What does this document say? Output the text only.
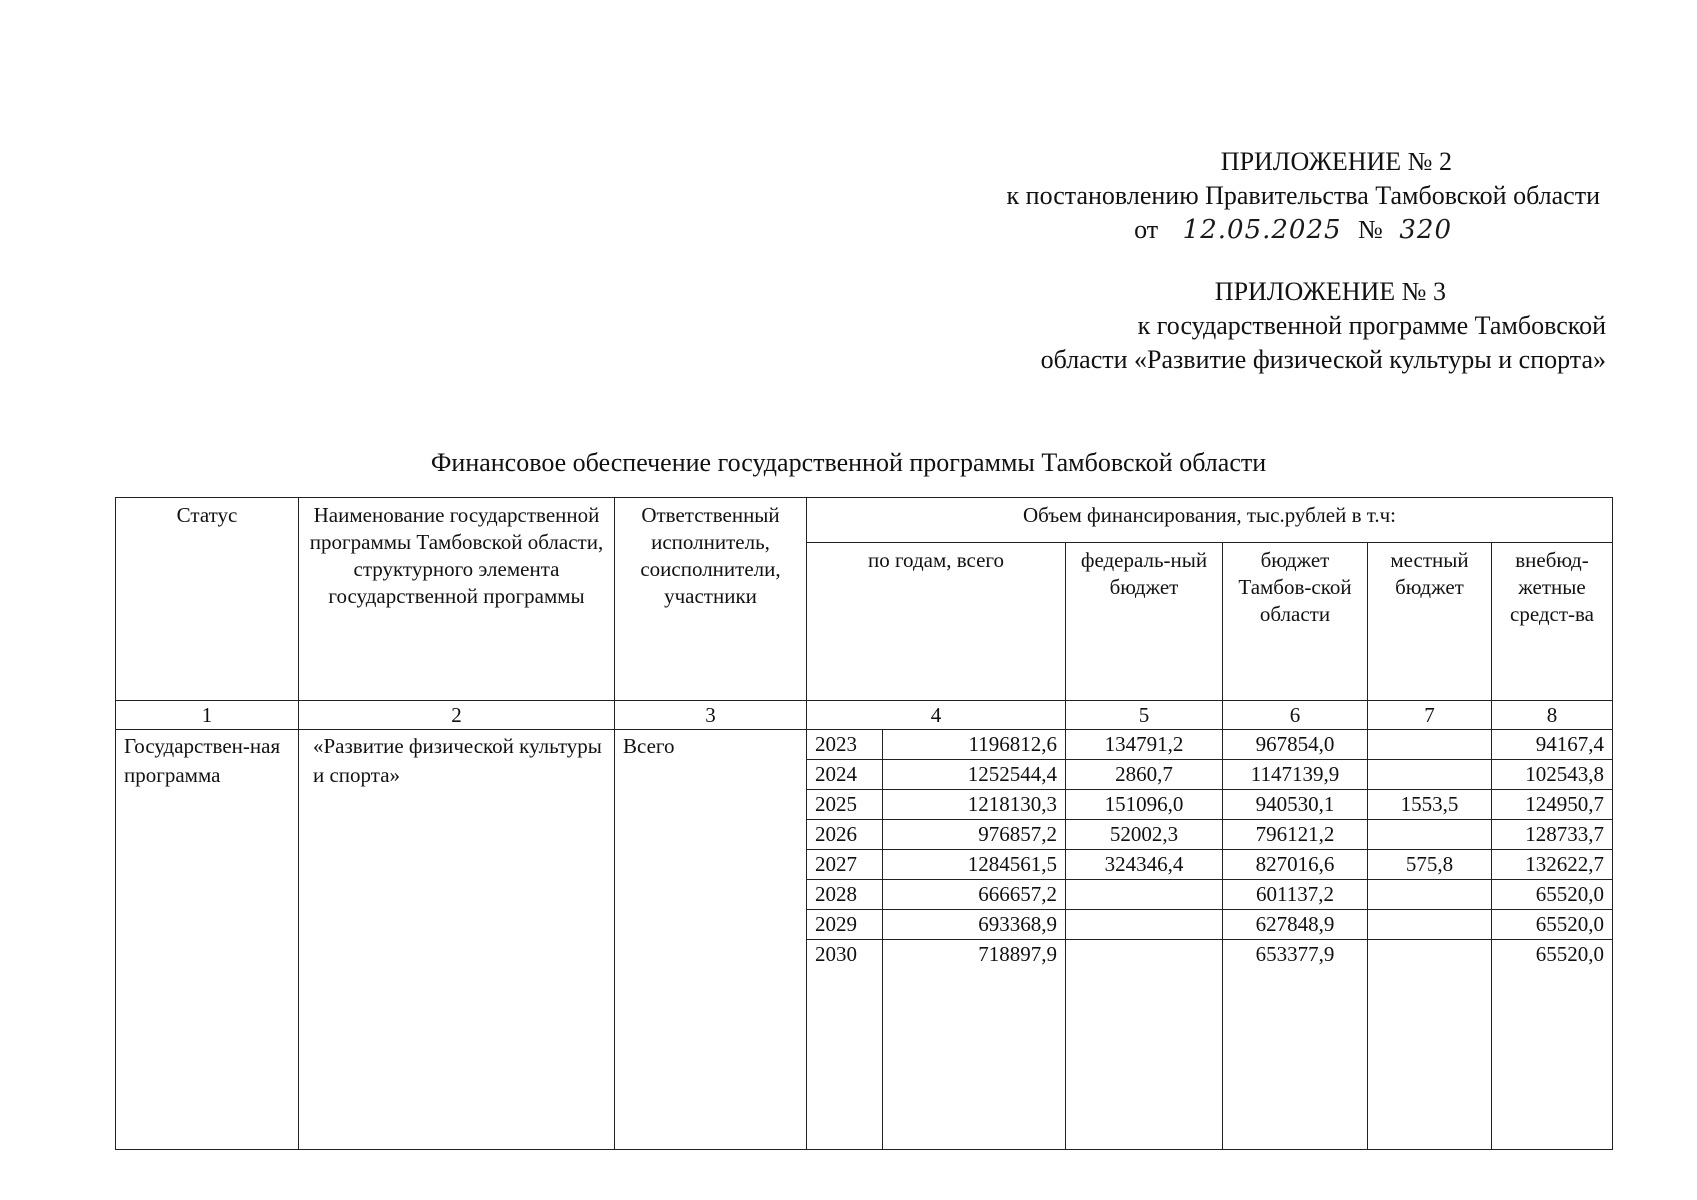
ПРИЛОЖЕНИЕ № 2
к постановлению Правительства Тамбовской области
от 12.05.2025 № 320
ПРИЛОЖЕНИЕ № 3
к государственной программе Тамбовской
области «Развитие физической культуры и спорта»
Финансовое обеспечение государственной программы Тамбовской области
Статус	Наименование государственной программы Тамбовской области, структурного элемента государственной программы	Ответственный исполнитель, соисполнители, участники	Объем финансирования, тыс.рублей в т.ч:					
			по годам, всего		федераль-ный бюджет	бюджет Тамбов-ской области	местный бюджет	внебюд-жетные средст-ва
1	2	3	4		5	6	7	8
Государствен-ная программа	«Развитие физической культуры и спорта»	Всего	2023	1196812,6	134791,2	967854,0		94167,4
			2024	1252544,4	2860,7	1147139,9		102543,8
			2025	1218130,3	151096,0	940530,1	1553,5	124950,7
			2026	976857,2	52002,3	796121,2		128733,7
			2027	1284561,5	324346,4	827016,6	575,8	132622,7
			2028	666657,2		601137,2		65520,0
			2029	693368,9		627848,9		65520,0
			2030	718897,9		653377,9		65520,0
